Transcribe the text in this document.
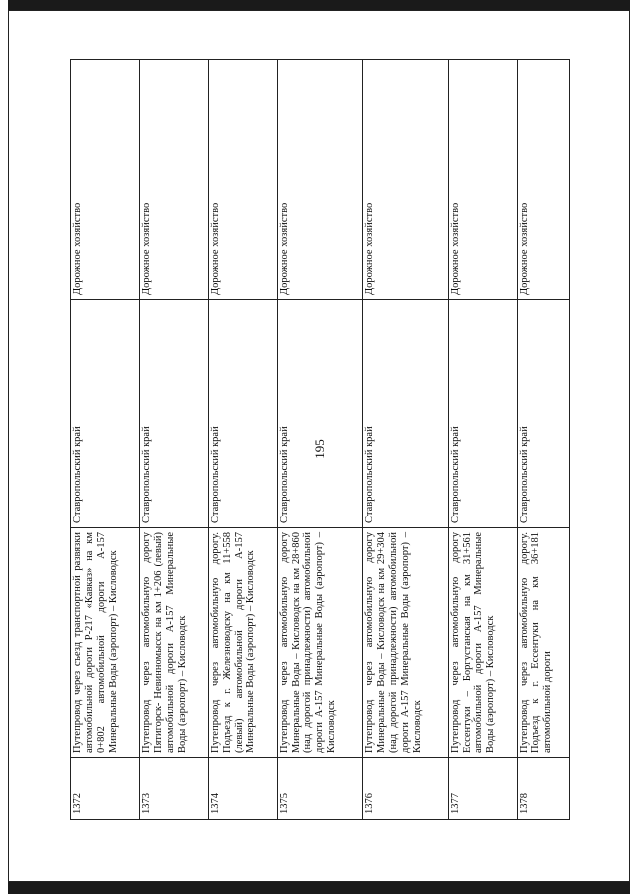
195
1372	Путепровод через съезд транспортной развязки автомобильной дороги Р-217 «Кавказ» на км 0+802 автомобильной дороги А-157 Минеральные Воды (аэропорт) – Кисловодск	Ставропольский край	Дорожное хозяйство
1373	Путепровод через автомобильную дорогу Пятигорск- Невинномысск на км 1+206 (левый) автомобильной дороги А-157 Минеральные Воды (аэропорт) – Кисловодск	Ставропольский край	Дорожное хозяйство
1374	Путепровод через автомобильную дорогу. Подъезд к г. Железноводску на км 11+558 (левый) автомобильной дороги А-157 Минеральные Воды (аэропорт) – Кисловодск	Ставропольский край	Дорожное хозяйство
1375	Путепровод через автомобильную дорогу Минеральные Воды – Кисловодск на км 28+860 (над дорогой принадлежности) автомобильной дороги А-157 Минеральные Воды (аэропорт) – Кисловодск	Ставропольский край	Дорожное хозяйство
1376	Путепровод через автомобильную дорогу Минеральные Воды – Кисловодск на км 29+304 (над дорогой принадлежности) автомобильной дороги А-157 Минеральные Воды (аэропорт) – Кисловодск	Ставропольский край	Дорожное хозяйство
1377	Путепровод через автомобильную дорогу Ессентуки – Боргустанская на км 31+561 автомобильной дороги А-157 Минеральные Воды (аэропорт) – Кисловодск	Ставропольский край	Дорожное хозяйство
1378	Путепровод через автомобильную дорогу. Подъезд к г. Ессентуки на км 36+181 автомобильной дороги	Ставропольский край	Дорожное хозяйство
